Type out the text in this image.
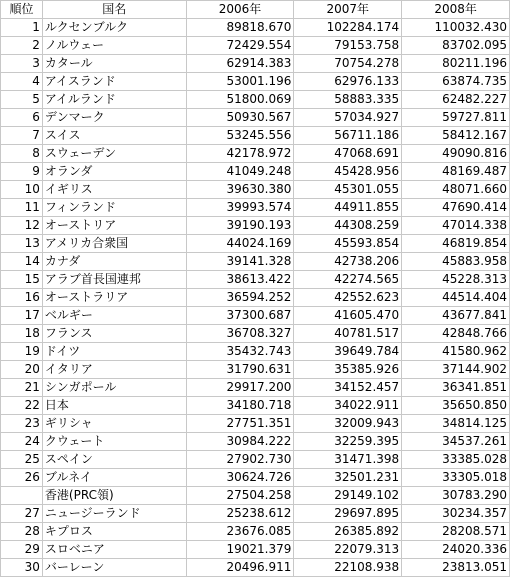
順位	国名	2006年	2007年	2008年
1	ルクセンブルク	89818.670	102284.174	110032.430
2	ノルウェー	72429.554	79153.758	83702.095
3	カタール	62914.383	70754.278	80211.196
4	アイスランド	53001.196	62976.133	63874.735
5	アイルランド	51800.069	58883.335	62482.227
6	デンマーク	50930.567	57034.927	59727.811
7	スイス	53245.556	56711.186	58412.167
8	スウェーデン	42178.972	47068.691	49090.816
9	オランダ	41049.248	45428.956	48169.487
10	イギリス	39630.380	45301.055	48071.660
11	フィンランド	39993.574	44911.855	47690.414
12	オーストリア	39190.193	44308.259	47014.338
13	アメリカ合衆国	44024.169	45593.854	46819.854
14	カナダ	39141.328	42738.206	45883.958
15	アラブ首長国連邦	38613.422	42274.565	45228.313
16	オーストラリア	36594.252	42552.623	44514.404
17	ベルギー	37300.687	41605.470	43677.841
18	フランス	36708.327	40781.517	42848.766
19	ドイツ	35432.743	39649.784	41580.962
20	イタリア	31790.631	35385.926	37144.902
21	シンガポール	29917.200	34152.457	36341.851
22	日本	34180.718	34022.911	35650.850
23	ギリシャ	27751.351	32009.943	34814.125
24	クウェート	30984.222	32259.395	34537.261
25	スペイン	27902.730	31471.398	33385.028
26	ブルネイ	30624.726	32501.231	33305.018
	香港(PRC領)	27504.258	29149.102	30783.290
27	ニュージーランド	25238.612	29697.895	30234.357
28	キプロス	23676.085	26385.892	28208.571
29	スロベニア	19021.379	22079.313	24020.336
30	バーレーン	20496.911	22108.938	23813.051
